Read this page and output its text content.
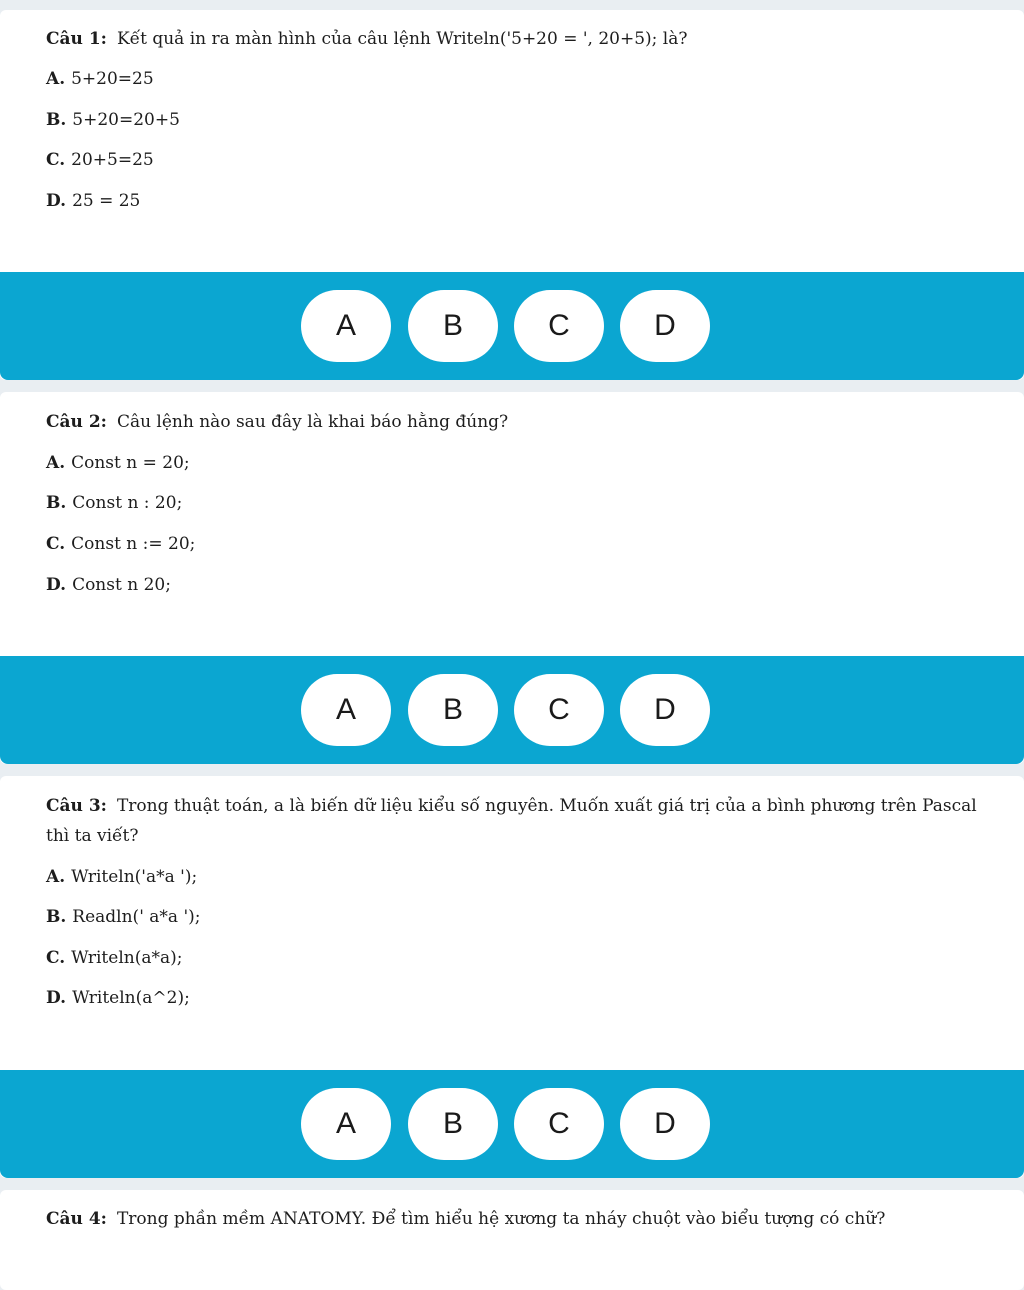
Câu 1: Kết quả in ra màn hình của câu lệnh Writeln('5+20 = ', 20+5); là?
A. 5+20=25
B. 5+20=20+5
C. 20+5=25
D. 25 = 25
A	B	C	D
Câu 2: Câu lệnh nào sau đây là khai báo hằng đúng?
A. Const n = 20;
B. Const n : 20;
C. Const n := 20;
D. Const n 20;
A	B	C	D
Câu 3: Trong thuật toán, a là biến dữ liệu kiểu số nguyên. Muốn xuất giá trị của a bình phương trên Pascal thì ta viết?
A. Writeln('a*a ');
B. Readln(' a*a ');
C. Writeln(a*a);
D. Writeln(a^2);
A	B	C	D
Câu 4: Trong phần mềm ANATOMY. Để tìm hiểu hệ xương ta nháy chuột vào biểu tượng có chữ?
